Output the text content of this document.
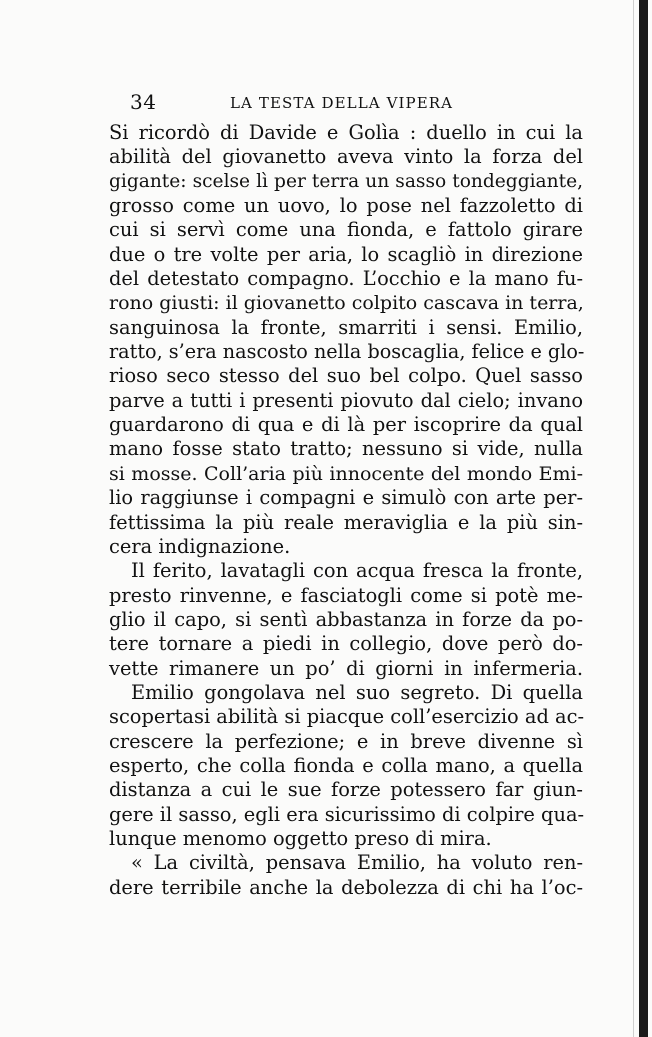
34	LA TESTA DELLA VIPERA
Si ricordò di Davide e Golìa : duello in cui la
abilità del giovanetto aveva vinto la forza del
gigante: scelse lì per terra un sasso tondeggiante,
grosso come un uovo, lo pose nel fazzoletto di
cui si servì come una fionda, e fattolo girare
due o tre volte per aria, lo scagliò in direzione
del detestato compagno. L’occhio e la mano fu-
rono giusti: il giovanetto colpito cascava in terra,
sanguinosa la fronte, smarriti i sensi. Emilio,
ratto, s’era nascosto nella boscaglia, felice e glo-
rioso seco stesso del suo bel colpo. Quel sasso
parve a tutti i presenti piovuto dal cielo; invano
guardarono di qua e di là per iscoprire da qual
mano fosse stato tratto; nessuno si vide, nulla
si mosse. Coll’aria più innocente del mondo Emi-
lio raggiunse i compagni e simulò con arte per-
fettissima la più reale meraviglia e la più sin-
cera indignazione.
Il ferito, lavatagli con acqua fresca la fronte,
presto rinvenne, e fasciatogli come si potè me-
glio il capo, si sentì abbastanza in forze da po-
tere tornare a piedi in collegio, dove però do-
vette rimanere un po’ di giorni in infermeria.
Emilio gongolava nel suo segreto. Di quella
scopertasi abilità si piacque coll’esercizio ad ac-
crescere la perfezione; e in breve divenne sì
esperto, che colla fionda e colla mano, a quella
distanza a cui le sue forze potessero far giun-
gere il sasso, egli era sicurissimo di colpire qua-
lunque menomo oggetto preso di mira.
« La civiltà, pensava Emilio, ha voluto ren-
dere terribile anche la debolezza di chi ha l’oc-
